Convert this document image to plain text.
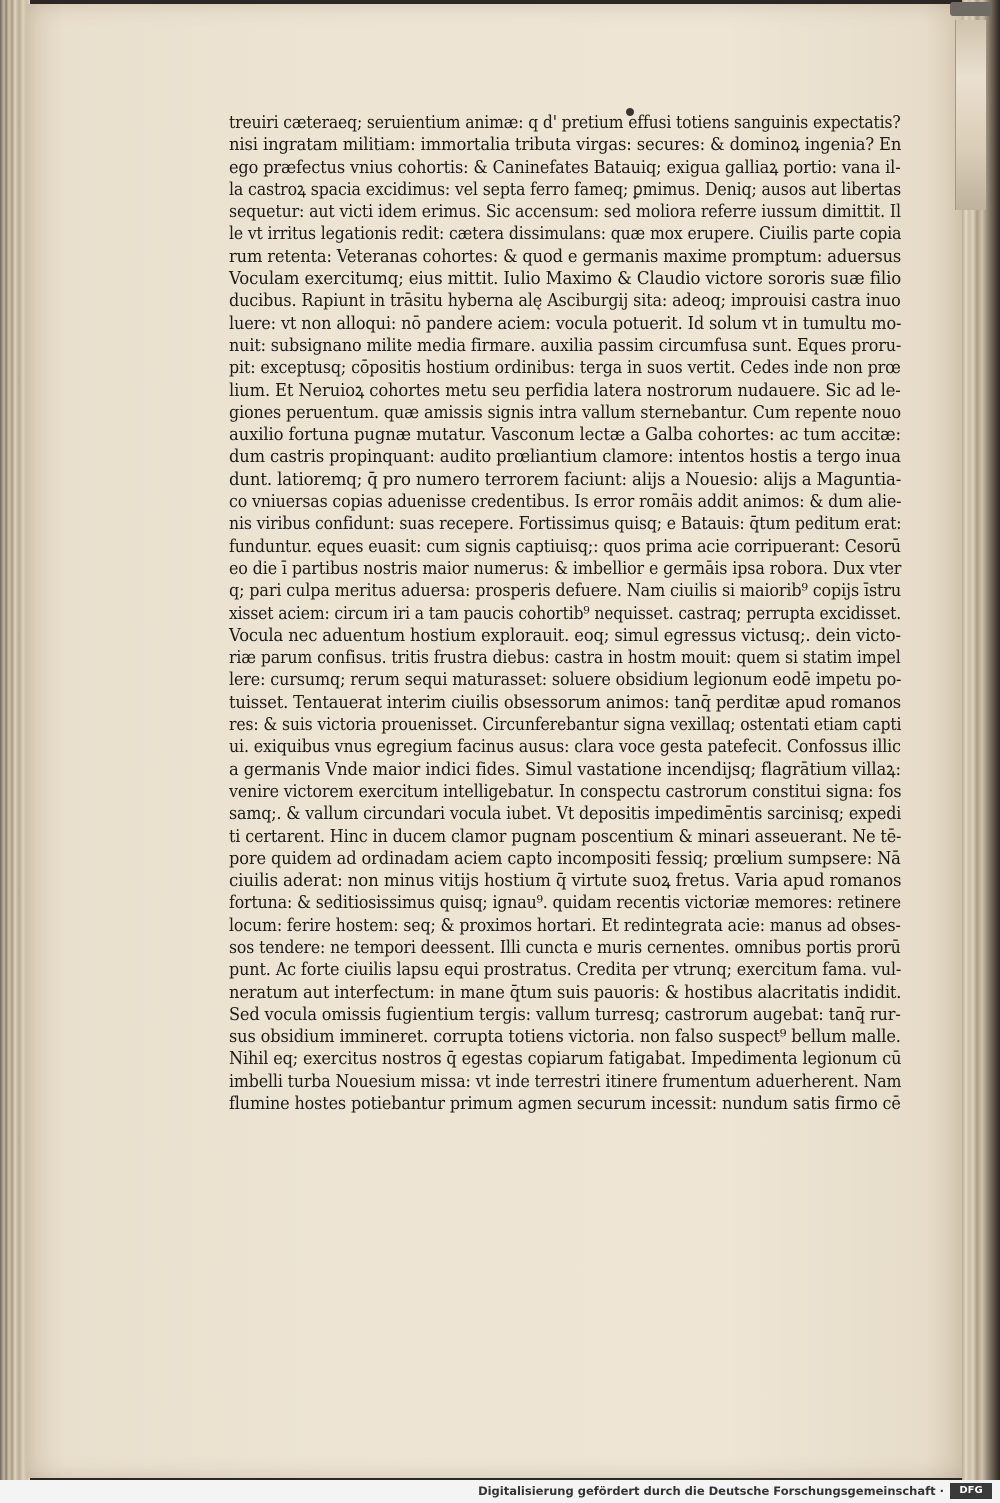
treuiri cæteraeq; seruientium animæ: q d' pretium effusi totiens sanguinis expectatis?
nisi ingratam militiam: immortalia tributa virgas: secures: & dominoꝝ ingenia? En
ego præfectus vnius cohortis: & Caninefates Batauiq; exigua galliaꝝ portio: vana il-
la castroꝝ spacia excidimus: vel septa ferro fameq; ꝑmimus. Deniq; ausos aut libertas
sequetur: aut victi idem erimus. Sic accensum: sed moliora referre iussum dimittit. Il
le vt irritus legationis redit: cætera dissimulans: quæ mox erupere. Ciuilis parte copia
rum retenta: Veteranas cohortes: & quod e germanis maxime promptum: aduersus
Voculam exercitumq; eius mittit. Iulio Maximo & Claudio victore sororis suæ filio
ducibus. Rapiunt in trāsitu hyberna alę Asciburgij sita: adeoq; improuisi castra inuo
luere: vt non alloqui: nō pandere aciem: vocula potuerit. Id solum vt in tumultu mo-
nuit: subsignano milite media firmare. auxilia passim circumfusa sunt. Eques proru-
pit: exceptusq; cōpositis hostium ordinibus: terga in suos vertit. Cedes inde non prœ
lium. Et Neruioꝝ cohortes metu seu perfidia latera nostrorum nudauere. Sic ad le-
giones peruentum. quæ amissis signis intra vallum sternebantur. Cum repente nouo
auxilio fortuna pugnæ mutatur. Vasconum lectæ a Galba cohortes: ac tum accitæ:
dum castris propinquant: audito prœliantium clamore: intentos hostis a tergo inua
dunt. latioremq; q̄ pro numero terrorem faciunt: alijs a Nouesio: alijs a Maguntia-
co vniuersas copias aduenisse credentibus. Is error romāis addit animos: & dum alie-
nis viribus confidunt: suas recepere. Fortissimus quisq; e Batauis: q̄tum peditum erat:
funduntur. eques euasit: cum signis captiuisq;: quos prima acie corripuerant: Cesorū
eo die ī partibus nostris maior numerus: & imbellior e germāis ipsa robora. Dux vter
q; pari culpa meritus aduersa: prosperis defuere. Nam ciuilis si maiorib⁹ copijs īstru
xisset aciem: circum iri a tam paucis cohortib⁹ nequisset. castraq; perrupta excidisset.
Vocula nec aduentum hostium explorauit. eoq; simul egressus victusq;. dein victo-
riæ parum confisus. tritis frustra diebus: castra in hostm mouit: quem si statim impel
lere: cursumq; rerum sequi maturasset: soluere obsidium legionum eodē impetu po-
tuisset. Tentauerat interim ciuilis obsessorum animos: tanq̄ perditæ apud romanos
res: & suis victoria prouenisset. Circunferebantur signa vexillaq; ostentati etiam capti
ui. exiquibus vnus egregium facinus ausus: clara voce gesta patefecit. Confossus illic
a germanis Vnde maior indici fides. Simul vastatione incendijsq; flagrātium villaꝝ:
venire victorem exercitum intelligebatur. In conspectu castrorum constitui signa: fos
samq;. & vallum circundari vocula iubet. Vt depositis impedimēntis sarcinisq; expedi
ti certarent. Hinc in ducem clamor pugnam poscentium & minari asseuerant. Ne tē-
pore quidem ad ordinadam aciem capto incompositi fessiq; prœlium sumpsere: Nā
ciuilis aderat: non minus vitijs hostium q̄ virtute suoꝝ fretus. Varia apud romanos
fortuna: & seditiosissimus quisq; ignau⁹. quidam recentis victoriæ memores: retinere
locum: ferire hostem: seq; & proximos hortari. Et redintegrata acie: manus ad obses-
sos tendere: ne tempori deessent. Illi cuncta e muris cernentes. omnibus portis prorū
punt. Ac forte ciuilis lapsu equi prostratus. Credita per vtrunq; exercitum fama. vul-
neratum aut interfectum: in mane q̄tum suis pauoris: & hostibus alacritatis indidit.
Sed vocula omissis fugientium tergis: vallum turresq; castrorum augebat: tanq̄ rur-
sus obsidium immineret. corrupta totiens victoria. non falso suspect⁹ bellum malle.
Nihil eq; exercitus nostros q̄ egestas copiarum fatigabat. Impedimenta legionum cū
imbelli turba Nouesium missa: vt inde terrestri itinere frumentum aduerherent. Nam
flumine hostes potiebantur primum agmen securum incessit: nundum satis firmo cē
Digitalisierung gefördert durch die Deutsche Forschungsgemeinschaft ·	DFG
